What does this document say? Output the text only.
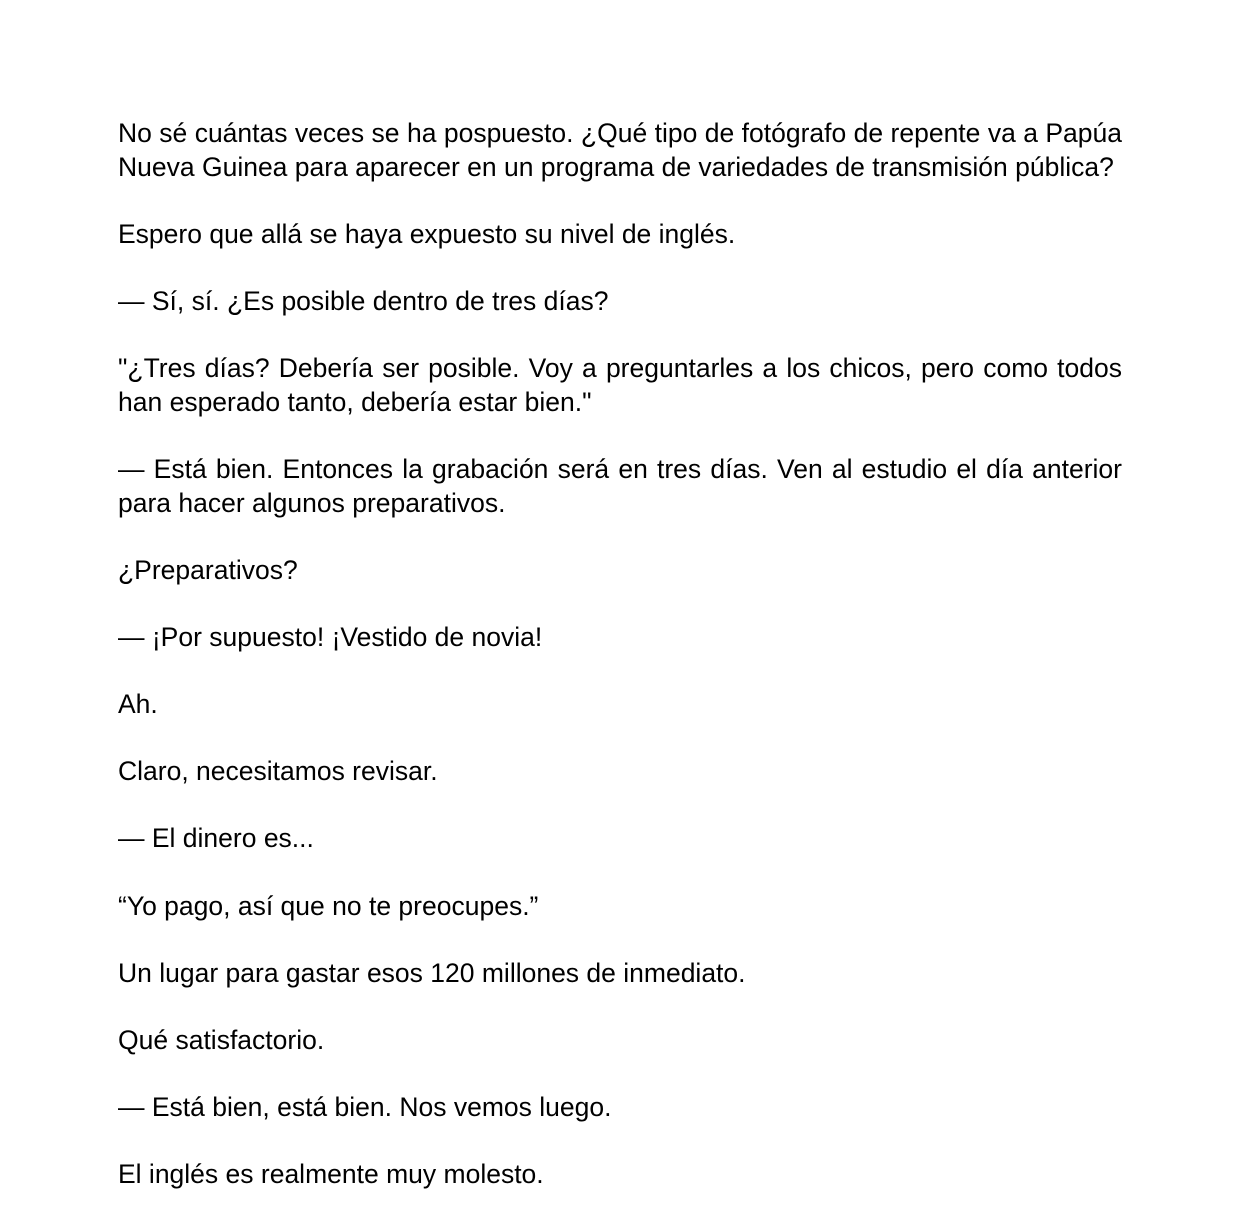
No sé cuántas veces se ha pospuesto. ¿Qué tipo de fotógrafo de repente va a Papúa Nueva Guinea para aparecer en un programa de variedades de transmisión pública?

Espero que allá se haya expuesto su nivel de inglés.

— Sí, sí. ¿Es posible dentro de tres días?

"¿Tres días? Debería ser posible. Voy a preguntarles a los chicos, pero como todos han esperado tanto, debería estar bien."

— Está bien. Entonces la grabación será en tres días. Ven al estudio el día anterior para hacer algunos preparativos.

¿Preparativos?

— ¡Por supuesto! ¡Vestido de novia!

Ah.

Claro, necesitamos revisar.

— El dinero es...

“Yo pago, así que no te preocupes.”

Un lugar para gastar esos 120 millones de inmediato.

Qué satisfactorio.

— Está bien, está bien. Nos vemos luego.

El inglés es realmente muy molesto.
